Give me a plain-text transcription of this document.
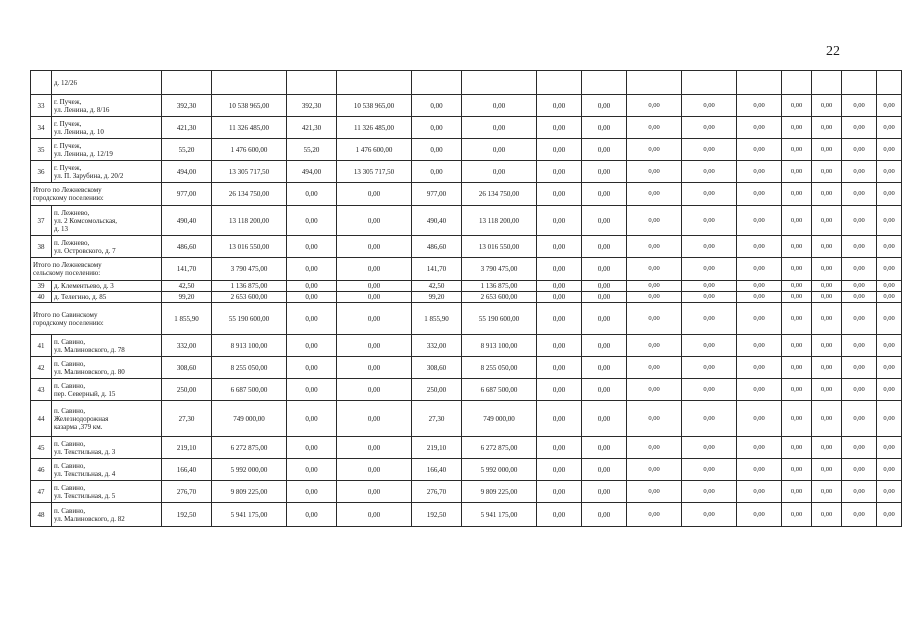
22
	д. 12/26																
33	г. Пучеж,
ул. Ленина, д. 8/16	392,30	10 538 965,00	392,30	10 538 965,00	0,00	0,00	0,00	0,00	0,00	0,00	0,00	0,00	0,00	0,00	0,00	
34	г. Пучеж,
ул. Ленина, д. 10	421,30	11 326 485,00	421,30	11 326 485,00	0,00	0,00	0,00	0,00	0,00	0,00	0,00	0,00	0,00	0,00	0,00	
35	г. Пучеж,
ул. Ленина, д. 12/19	55,20	1 476 600,00	55,20	1 476 600,00	0,00	0,00	0,00	0,00	0,00	0,00	0,00	0,00	0,00	0,00	0,00	
36	г. Пучеж,
ул. П. Зарубина, д. 20/2	494,00	13 305 717,50	494,00	13 305 717,50	0,00	0,00	0,00	0,00	0,00	0,00	0,00	0,00	0,00	0,00	0,00	
Итого по Лежневскому
городскому поселению:		977,00	26 134 750,00	0,00	0,00	977,00	26 134 750,00	0,00	0,00	0,00	0,00	0,00	0,00	0,00	0,00	0,00	
37	п. Лежнево,
ул. 2 Комсомольская,
д. 13	490,40	13 118 200,00	0,00	0,00	490,40	13 118 200,00	0,00	0,00	0,00	0,00	0,00	0,00	0,00	0,00	0,00	
38	п. Лежнево,
ул. Островского, д. 7	486,60	13 016 550,00	0,00	0,00	486,60	13 016 550,00	0,00	0,00	0,00	0,00	0,00	0,00	0,00	0,00	0,00	
Итого по Лежневскому
сельскому поселению:		141,70	3 790 475,00	0,00	0,00	141,70	3 790 475,00	0,00	0,00	0,00	0,00	0,00	0,00	0,00	0,00	0,00	
39	д. Клементьево, д. 3	42,50	1 136 875,00	0,00	0,00	42,50	1 136 875,00	0,00	0,00	0,00	0,00	0,00	0,00	0,00	0,00	0,00	
40	д. Телегино, д. 85	99,20	2 653 600,00	0,00	0,00	99,20	2 653 600,00	0,00	0,00	0,00	0,00	0,00	0,00	0,00	0,00	0,00	
Итого по Савинскому
городскому поселению:		1 855,90	55 190 600,00	0,00	0,00	1 855,90	55 190 600,00	0,00	0,00	0,00	0,00	0,00	0,00	0,00	0,00	0,00	
41	п. Савино,
ул. Малиновского, д. 78	332,00	8 913 100,00	0,00	0,00	332,00	8 913 100,00	0,00	0,00	0,00	0,00	0,00	0,00	0,00	0,00	0,00	
42	п. Савино,
ул. Малиновского, д. 80	308,60	8 255 050,00	0,00	0,00	308,60	8 255 050,00	0,00	0,00	0,00	0,00	0,00	0,00	0,00	0,00	0,00	
43	п. Савино,
пер. Северный, д. 15	250,00	6 687 500,00	0,00	0,00	250,00	6 687 500,00	0,00	0,00	0,00	0,00	0,00	0,00	0,00	0,00	0,00	
44	п. Савино,
Железнодорожная
казарма ,379 км.	27,30	749 000,00	0,00	0,00	27,30	749 000,00	0,00	0,00	0,00	0,00	0,00	0,00	0,00	0,00	0,00	
45	п. Савино,
ул. Текстильная, д. 3	219,10	6 272 875,00	0,00	0,00	219,10	6 272 875,00	0,00	0,00	0,00	0,00	0,00	0,00	0,00	0,00	0,00	
46	п. Савино,
ул. Текстильная, д. 4	166,40	5 992 000,00	0,00	0,00	166,40	5 992 000,00	0,00	0,00	0,00	0,00	0,00	0,00	0,00	0,00	0,00	
47	п. Савино,
ул. Текстильная, д. 5	276,70	9 809 225,00	0,00	0,00	276,70	9 809 225,00	0,00	0,00	0,00	0,00	0,00	0,00	0,00	0,00	0,00	
48	п. Савино,
ул. Малиновского, д. 82	192,50	5 941 175,00	0,00	0,00	192,50	5 941 175,00	0,00	0,00	0,00	0,00	0,00	0,00	0,00	0,00	0,00	
